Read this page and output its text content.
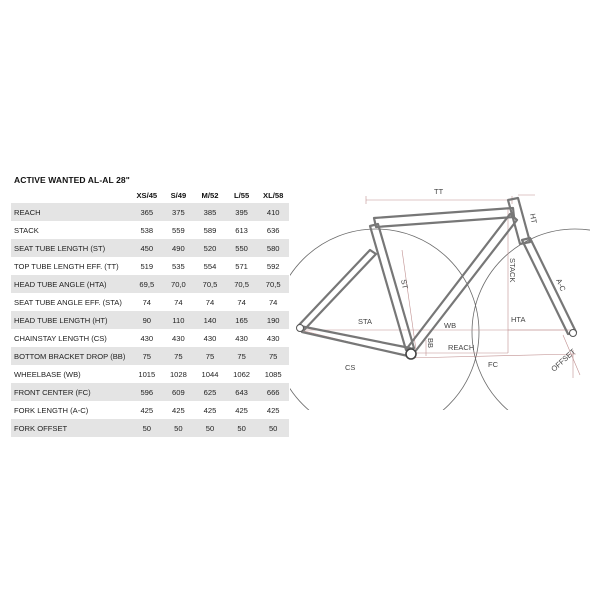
ACTIVE WANTED AL-AL 28"
	XS/45	S/49	M/52	L/55	XL/58
REACH	365	375	385	395	410
STACK	538	559	589	613	636
SEAT TUBE LENGTH (ST)	450	490	520	550	580
TOP TUBE LENGTH EFF. (TT)	519	535	554	571	592
HEAD TUBE ANGLE (HTA)	69,5	70,0	70,5	70,5	70,5
SEAT TUBE ANGLE EFF. (STA)	74	74	74	74	74
HEAD TUBE LENGTH (HT)	90	110	140	165	190
CHAINSTAY LENGTH (CS)	430	430	430	430	430
BOTTOM BRACKET DROP (BB)	75	75	75	75	75
WHEELBASE (WB)	1015	1028	1044	1062	1085
FRONT CENTER (FC)	596	609	625	643	666
FORK LENGTH (A-C)	425	425	425	425	425
FORK OFFSET	50	50	50	50	50
TT
HT
ST
STACK
A-C
STA	HTA
WB
BB REACH
CS	FC	OFFSET
